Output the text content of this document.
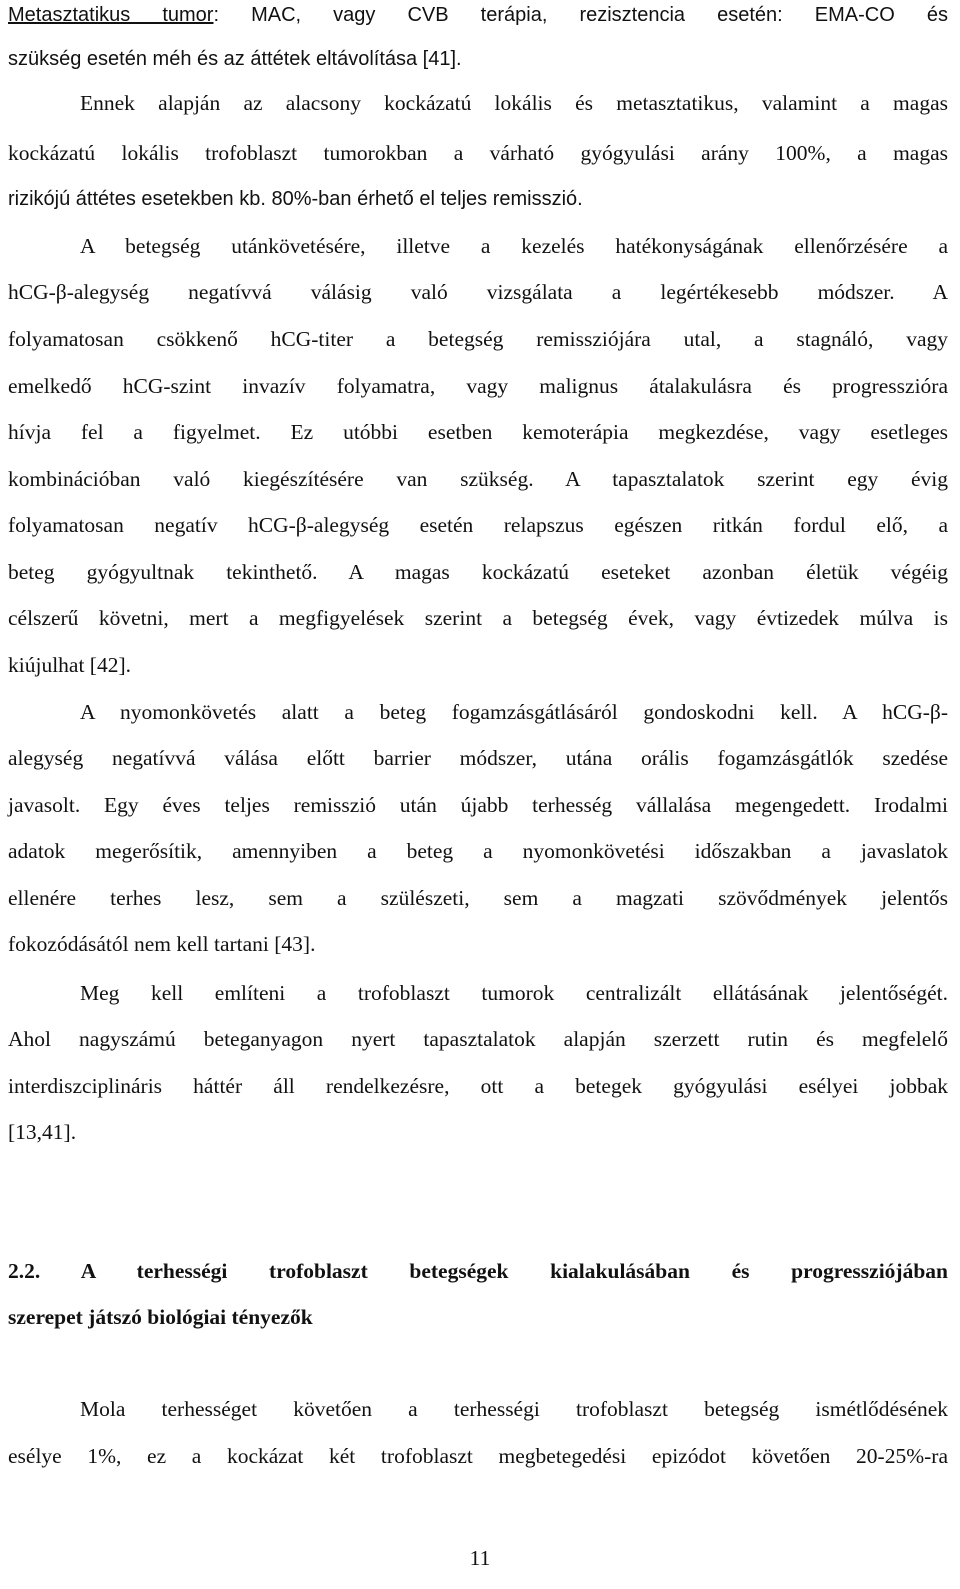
Metasztatikus tumor: MAC, vagy CVB terápia, rezisztencia esetén: EMA-CO és
szükség esetén méh és az áttétek eltávolítása [41].
Ennek alapján az alacsony kockázatú lokális és metasztatikus, valamint a magas
kockázatú lokális trofoblaszt tumorokban a várható gyógyulási arány 100%, a magas
rizikójú áttétes esetekben kb. 80%-ban érhető el teljes remisszió.
A betegség utánkövetésére, illetve a kezelés hatékonyságának ellenőrzésére a
hCG-β-alegység negatívvá válásig való vizsgálata a legértékesebb módszer. A
folyamatosan csökkenő hCG-titer a betegség remissziójára utal, a stagnáló, vagy
emelkedő hCG-szint invazív folyamatra, vagy malignus átalakulásra és progresszióra
hívja fel a figyelmet. Ez utóbbi esetben kemoterápia megkezdése, vagy esetleges
kombinációban való kiegészítésére van szükség. A tapasztalatok szerint egy évig
folyamatosan negatív hCG-β-alegység esetén relapszus egészen ritkán fordul elő, a
beteg gyógyultnak tekinthető. A magas kockázatú eseteket azonban életük végéig
célszerű követni, mert a megfigyelések szerint a betegség évek, vagy évtizedek múlva is
kiújulhat [42].
A nyomonkövetés alatt a beteg fogamzásgátlásáról gondoskodni kell. A hCG-β-
alegység negatívvá válása előtt barrier módszer, utána orális fogamzásgátlók szedése
javasolt. Egy éves teljes remisszió után újabb terhesség vállalása megengedett. Irodalmi
adatok megerősítik, amennyiben a beteg a nyomonkövetési időszakban a javaslatok
ellenére terhes lesz, sem a szülészeti, sem a magzati szövődmények jelentős
fokozódásától nem kell tartani [43].
Meg kell említeni a trofoblaszt tumorok centralizált ellátásának jelentőségét.
Ahol nagyszámú beteganyagon nyert tapasztalatok alapján szerzett rutin és megfelelő
interdiszciplináris háttér áll rendelkezésre, ott a betegek gyógyulási esélyei jobbak
[13,41].
2.2. A terhességi trofoblaszt betegségek kialakulásában és progressziójában
szerepet játszó biológiai tényezők
Mola terhességet követően a terhességi trofoblaszt betegség ismétlődésének
esélye 1%, ez a kockázat két trofoblaszt megbetegedési epizódot követően 20-25%-ra
11
